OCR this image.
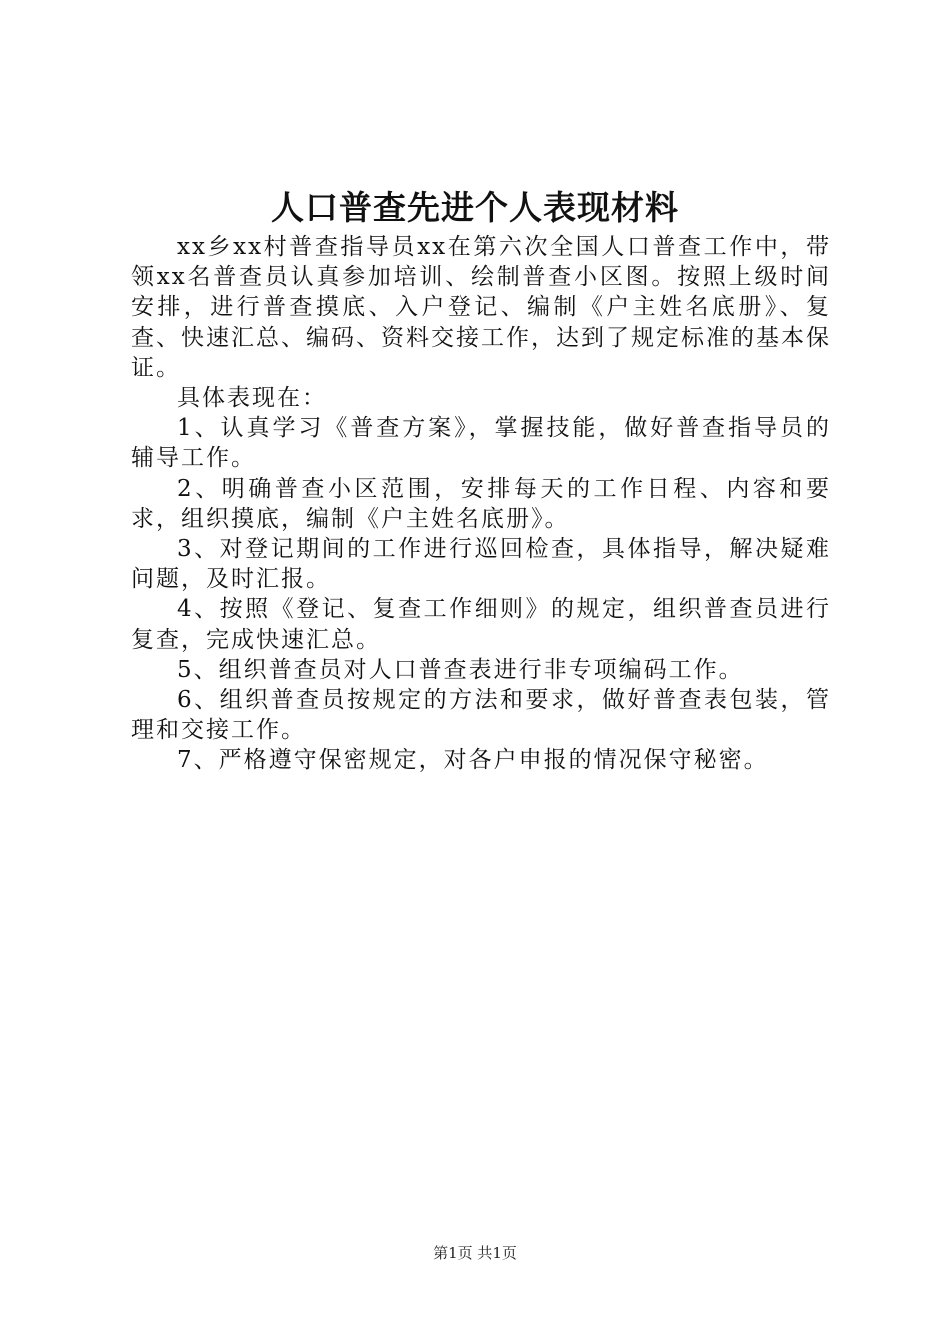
人口普查先进个人表现材料

xx乡xx村普查指导员xx在第六次全国人口普查工作中，带领xx名普查员认真参加培训、绘制普查小区图。按照上级时间安排，进行普查摸底、入户登记、编制《户主姓名底册》、复查、快速汇总、编码、资料交接工作，达到了规定标准的基本保证。

具体表现在：

1、认真学习《普查方案》，掌握技能，做好普查指导员的辅导工作。

2、明确普查小区范围，安排每天的工作日程、内容和要求，组织摸底，编制《户主姓名底册》。

3、对登记期间的工作进行巡回检查，具体指导，解决疑难问题，及时汇报。

4、按照《登记、复查工作细则》的规定，组织普查员进行复查，完成快速汇总。

5、组织普查员对人口普查表进行非专项编码工作。

6、组织普查员按规定的方法和要求，做好普查表包装，管理和交接工作。

7、严格遵守保密规定，对各户申报的情况保守秘密。

第1页 共1页
